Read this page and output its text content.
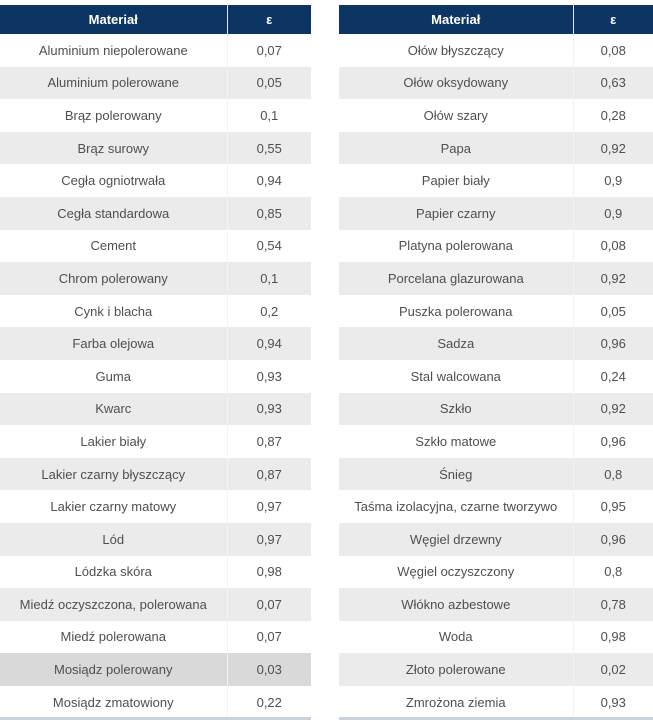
Materiał	ε
Aluminium niepolerowane	0,07
Aluminium polerowane	0,05
Brąz polerowany	0,1
Brąz surowy	0,55
Cegła ogniotrwała	0,94
Cegła standardowa	0,85
Cement	0,54
Chrom polerowany	0,1
Cynk i blacha	0,2
Farba olejowa	0,94
Guma	0,93
Kwarc	0,93
Lakier biały	0,87
Lakier czarny błyszczący	0,87
Lakier czarny matowy	0,97
Lód	0,97
Lódzka skóra	0,98
Miedź oczyszczona, polerowana	0,07
Miedź polerowana	0,07
Mosiądz polerowany	0,03
Mosiądz zmatowiony	0,22
Materiał	ε
Ołów błyszczący	0,08
Ołów oksydowany	0,63
Ołów szary	0,28
Papa	0,92
Papier biały	0,9
Papier czarny	0,9
Platyna polerowana	0,08
Porcelana glazurowana	0,92
Puszka polerowana	0,05
Sadza	0,96
Stal walcowana	0,24
Szkło	0,92
Szkło matowe	0,96
Śnieg	0,8
Taśma izolacyjna, czarne tworzywo	0,95
Węgiel drzewny	0,96
Węgiel oczyszczony	0,8
Włókno azbestowe	0,78
Woda	0,98
Złoto polerowane	0,02
Zmrożona ziemia	0,93
